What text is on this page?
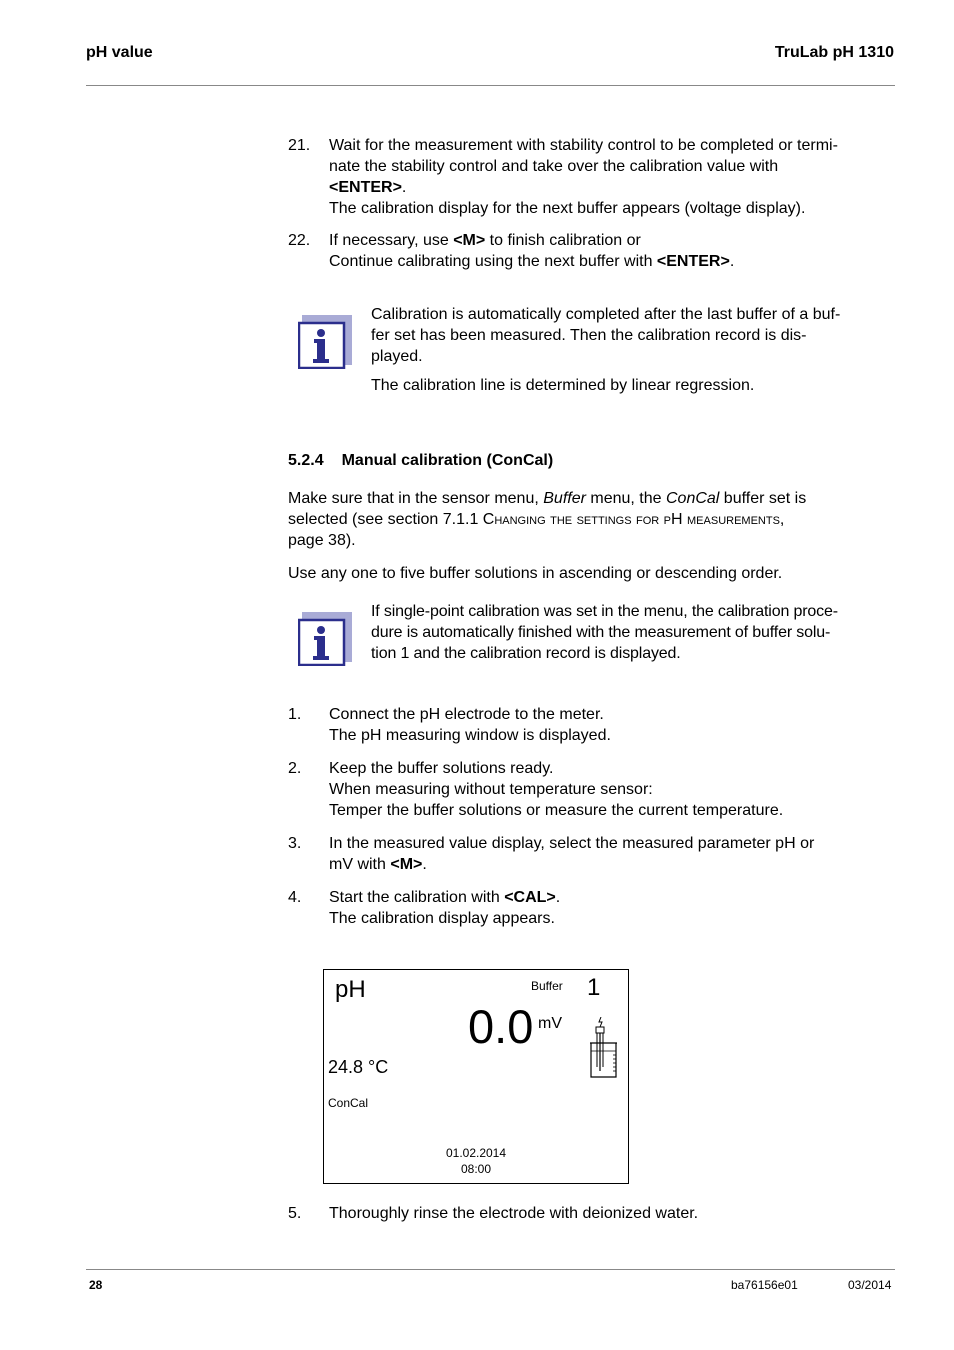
pH value	TruLab pH 1310
21. Wait for the measurement with stability control to be completed or termi-
nate the stability control and take over the calibration value with
<ENTER>.
The calibration display for the next buffer appears (voltage display).
22. If necessary, use <M> to finish calibration or
Continue calibrating using the next buffer with <ENTER>.
Calibration is automatically completed after the last buffer of a buf-
fer set has been measured. Then the calibration record is dis-
played.
The calibration line is determined by linear regression.
5.2.4 Manual calibration (ConCal)
Make sure that in the sensor menu, Buffer menu, the ConCal buffer set is
selected (see section 7.1.1 Changing the settings for pH measurements,
page 38).
Use any one to five buffer solutions in ascending or descending order.
If single-point calibration was set in the menu, the calibration proce-
dure is automatically finished with the measurement of buffer solu-
tion 1 and the calibration record is displayed.
1. Connect the pH electrode to the meter.
The pH measuring window is displayed.
2. Keep the buffer solutions ready.
When measuring without temperature sensor:
Temper the buffer solutions or measure the current temperature.
3. In the measured value display, select the measured parameter pH or
mV with <M>.
4. Start the calibration with <CAL>.
The calibration display appears.
pH	Buffer 1
0.0 mV
24.8 °C
ConCal
01.02.2014
08:00
5. Thoroughly rinse the electrode with deionized water.
28	ba76156e01	03/2014
